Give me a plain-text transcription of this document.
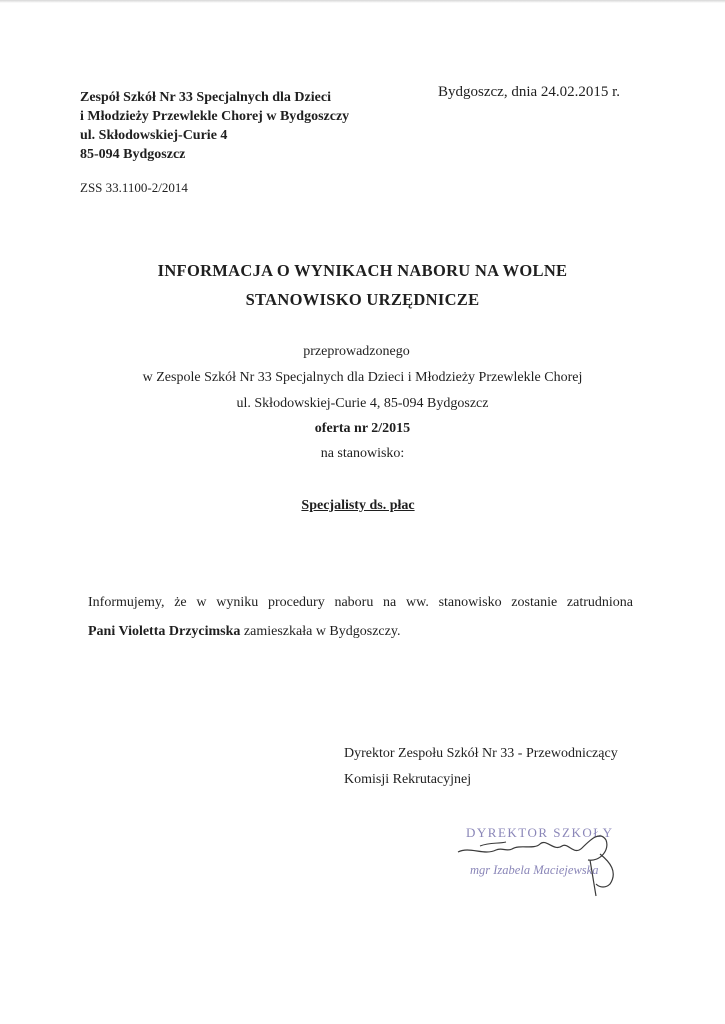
Zespół Szkół Nr 33 Specjalnych dla Dzieci
i Młodzieży Przewlekle Chorej w Bydgoszczy
ul. Skłodowskiej-Curie 4
85-094 Bydgoszcz
Bydgoszcz, dnia 24.02.2015 r.
ZSS 33.1100-2/2014
INFORMACJA O WYNIKACH NABORU NA WOLNE
STANOWISKO URZĘDNICZE
przeprowadzonego
w Zespole Szkół Nr 33 Specjalnych dla Dzieci i Młodzieży Przewlekle Chorej
ul. Skłodowskiej-Curie 4, 85-094 Bydgoszcz
oferta nr 2/2015
na stanowisko:
Specjalisty ds. płac
Informujemy, że w wyniku procedury naboru na ww. stanowisko zostanie zatrudniona
Pani Violetta Drzycimska zamieszkała w Bydgoszczy.
Dyrektor Zespołu Szkół Nr 33 - Przewodniczący
Komisji Rekrutacyjnej
DYREKTOR SZKOŁY
mgr Izabela Maciejewska
